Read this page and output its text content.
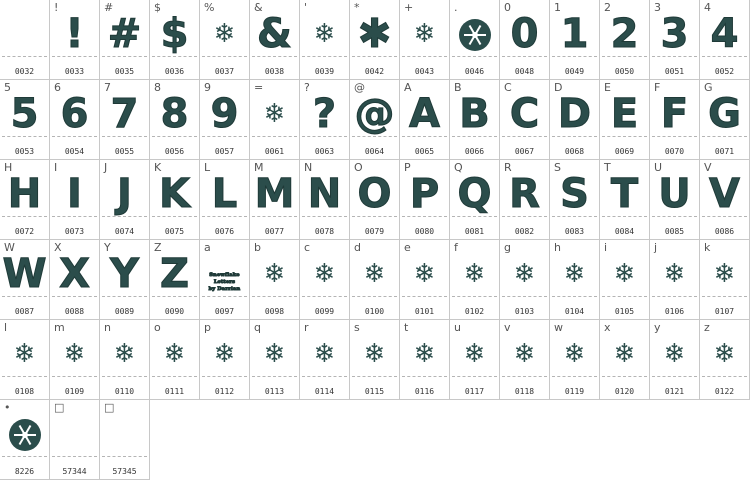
0032
!
!
0033
#
#
0035
$
$
0036
%
❄
0037
&
&
0038
'
❄
0039
*
✱
0042
+
❄
0043
.
0046
0
0
0048
1
1
0049
2
2
0050
3
3
0051
4
4
0052
5
5
0053
6
6
0054
7
7
0055
8
8
0056
9
9
0057
=
❄
0061
?
?
0063
@
@
0064
A
A
0065
B
B
0066
C
C
0067
D
D
0068
E
E
0069
F
F
0070
G
G
0071
H
H
0072
I
I
0073
J
J
0074
K
K
0075
L
L
0076
M
M
0077
N
N
0078
O
O
0079
P
P
0080
Q
Q
0081
R
R
0082
S
S
0083
T
T
0084
U
U
0085
V
V
0086
W
W
0087
X
X
0088
Y
Y
0089
Z
Z
0090
a
Snowflake
Letters
by Darrian
0097
b
❄
0098
c
❄
0099
d
❄
0100
e
❄
0101
f
❄
0102
g
❄
0103
h
❄
0104
i
❄
0105
j
❄
0106
k
❄
0107
l
❄
0108
m
❄
0109
n
❄
0110
o
❄
0111
p
❄
0112
q
❄
0113
r
❄
0114
s
❄
0115
t
❄
0116
u
❄
0117
v
❄
0118
w
❄
0119
x
❄
0120
y
❄
0121
z
❄
0122
•
8226
□
57344
□
57345
